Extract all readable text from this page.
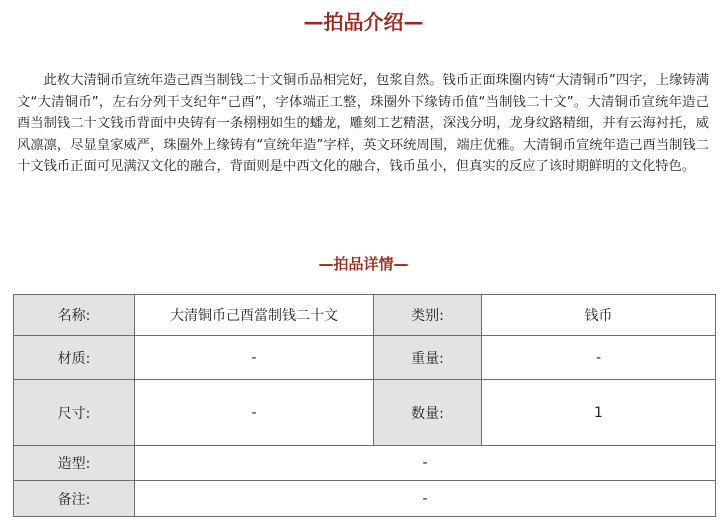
—拍品介绍—

此枚大清铜币宣统年造己酉当制钱二十文铜币品相完好，包浆自然。钱币正面珠圈内铸“大清铜币”四字，上缘铸满文“大清铜币”，左右分列干支纪年“己酉”，字体端正工整，珠圈外下缘铸币值“当制钱二十文”。大清铜币宣统年造己酉当制钱二十文钱币背面中央铸有一条栩栩如生的蟠龙，雕刻工艺精湛，深浅分明，龙身纹路精细，并有云海衬托，威风凛凛，尽显皇家威严，珠圈外上缘铸有“宣统年造”字样，英文环统周围，端庄优雅。大清铜币宣统年造己酉当制钱二十文钱币正面可见满汉文化的融合，背面则是中西文化的融合，钱币虽小，但真实的反应了该时期鲜明的文化特色。

—拍品详情—
名称:	大清铜币己酉當制钱二十文	类别:	钱币
材质:	-	重量:	-
尺寸:	-	数量:	1
造型:	-		
备注:	-		
